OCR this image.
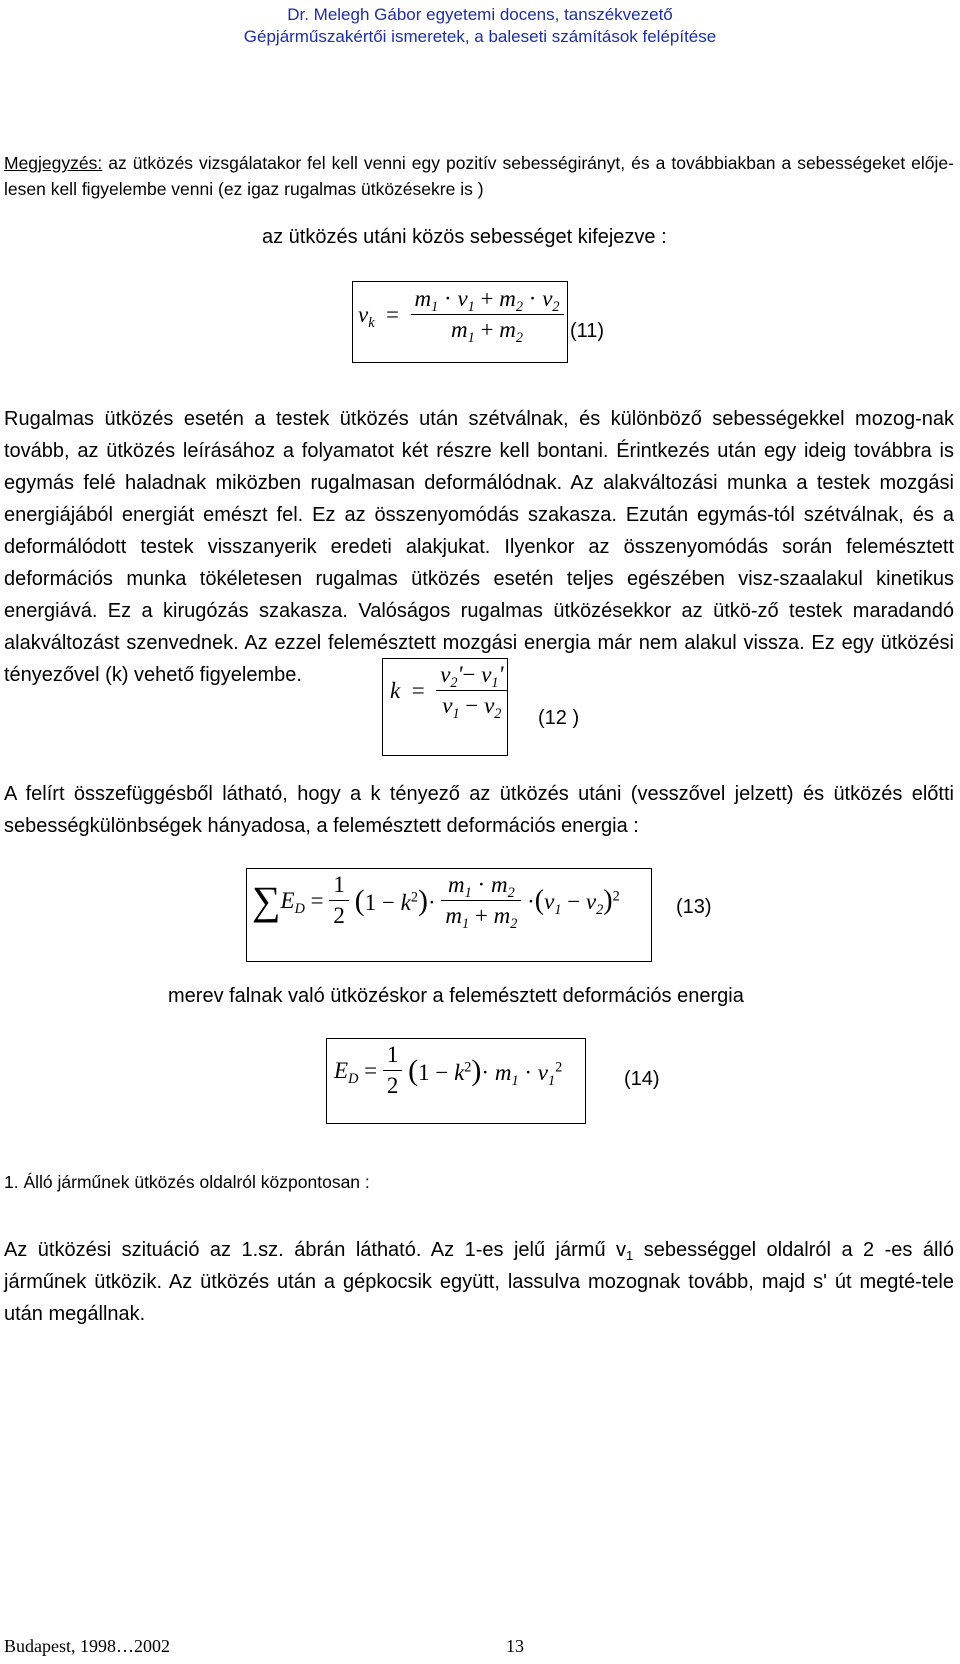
Dr. Melegh Gábor egyetemi docens, tanszékvezető
Gépjárműszakértői ismeretek, a baleseti számítások felépítése
Megjegyzés: az ütközés vizsgálatakor fel kell venni egy pozitív sebességirányt, és a továbbiakban a sebességeket elője-lesen kell figyelembe venni (ez igaz rugalmas ütközésekre is )
az ütközés utáni közös sebességet kifejezve :
$v_k = \frac{m_1 \cdot v_1 + m_2 \cdot v_2}{m_1 + m_2} (11)$
Rugalmas ütközés esetén a testek ütközés után szétválnak, és különböző sebességekkel mozog-nak tovább, az ütközés leírásához a folyamatot két részre kell bontani. Érintkezés után egy ideig továbbra is egymás felé haladnak miközben rugalmasan deformálódnak. Az alakváltozási munka a testek mozgási energiájából energiát emészt fel. Ez az összenyomódás szakasza. Ezután egymás-tól szétválnak, és a deformálódott testek visszanyerik eredeti alakjukat. Ilyenkor az összenyomódás során felemésztett deformációs munka tökéletesen rugalmas ütközés esetén teljes egészében visz-szaalakul kinetikus energiává. Ez a kirugózás szakasza. Valóságos rugalmas ütközésekkor az ütkö-ző testek maradandó alakváltozást szenvednek. Az ezzel felemésztett mozgási energia már nem alakul vissza. Ez egy ütközési tényezővel (k) vehető figyelembe.
$k = \frac{v_2'- v_1'}{v_1 - v_2} (12$ )
A felírt összefüggésből látható, hogy a k tényező az ütközés utáni (vesszővel jelzett) és ütközés előtti sebességkülönbségek hányadosa, a felemésztett deformációs energia :
$\sum E_D = \frac{1}{2} (1 - k^2)\cdot \frac{m_1 \cdot m_2}{m_1 + m_2} \cdot(v_1 - v_2)^2$
(13)
merev falnak való ütközéskor a felemésztett deformációs energia
$E_D = \frac{1}{2} (1 - k^2)\cdot m_1 \cdot v_1^2$
(14)
1. Álló járműnek ütközés oldalról központosan :
Az ütközési szituáció az 1.sz. ábrán látható. Az 1-es jelű jármű $v_1$ sebességgel oldalról a 2 -es álló járműnek ütközik. Az ütközés után a gépkocsik együtt, lassulva mozognak tovább, majd s' út megté-tele után megállnak.
Budapest, 1998…2002	13
